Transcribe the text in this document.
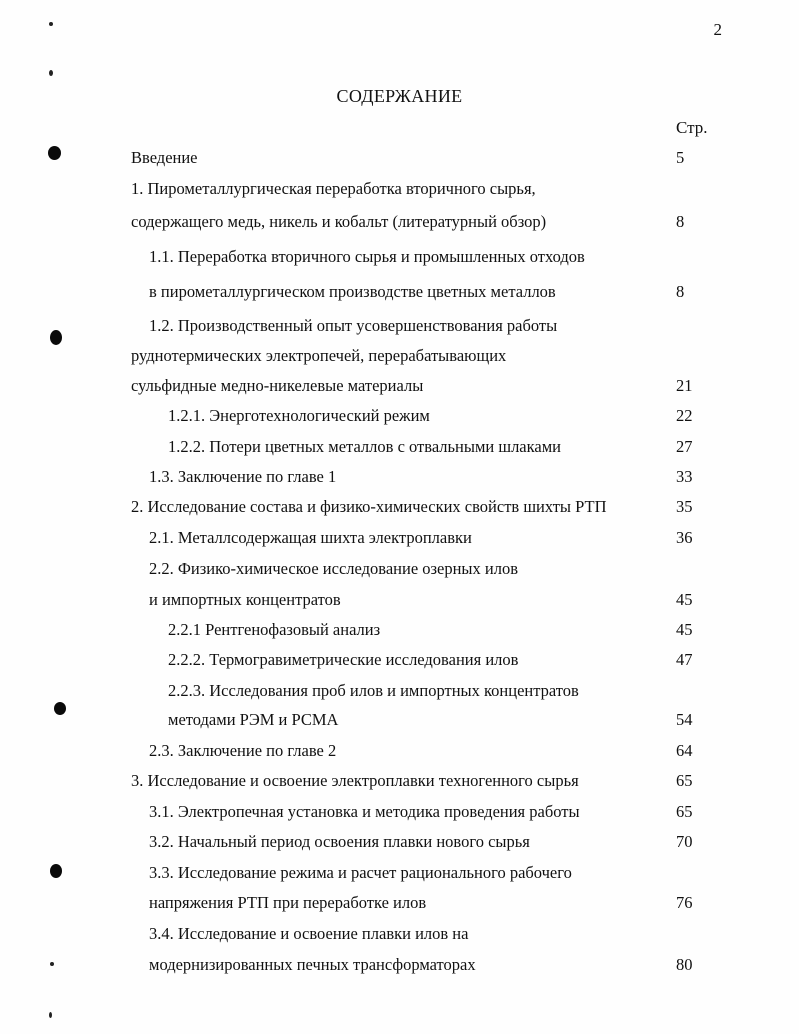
2
СОДЕРЖАНИЕ
Стр.
Введение	5
1. Пирометаллургическая переработка вторичного сырья,
содержащего медь, никель и кобальт (литературный обзор)	8
1.1. Переработка вторичного сырья и промышленных отходов
в пирометаллургическом производстве цветных металлов	8
1.2. Производственный опыт усовершенствования работы
руднотермических электропечей, перерабатывающих
сульфидные медно-никелевые материалы	21
1.2.1. Энерготехнологический режим	22
1.2.2. Потери цветных металлов с отвальными шлаками	27
1.3. Заключение по главе 1	33
2. Исследование состава и физико-химических свойств шихты РТП	35
2.1. Металлсодержащая шихта электроплавки	36
2.2. Физико-химическое исследование озерных илов
и импортных концентратов	45
2.2.1 Рентгенофазовый анализ	45
2.2.2. Термогравиметрические исследования илов	47
2.2.3. Исследования проб илов и импортных концентратов
методами РЭМ и РСМА	54
2.3. Заключение по главе 2	64
3. Исследование и освоение электроплавки техногенного сырья	65
3.1. Электропечная установка и методика проведения работы	65
3.2. Начальный период освоения плавки нового сырья	70
3.3. Исследование режима и расчет рационального рабочего
напряжения РТП при переработке илов	76
3.4. Исследование и освоение плавки илов на
модернизированных печных трансформаторах	80
